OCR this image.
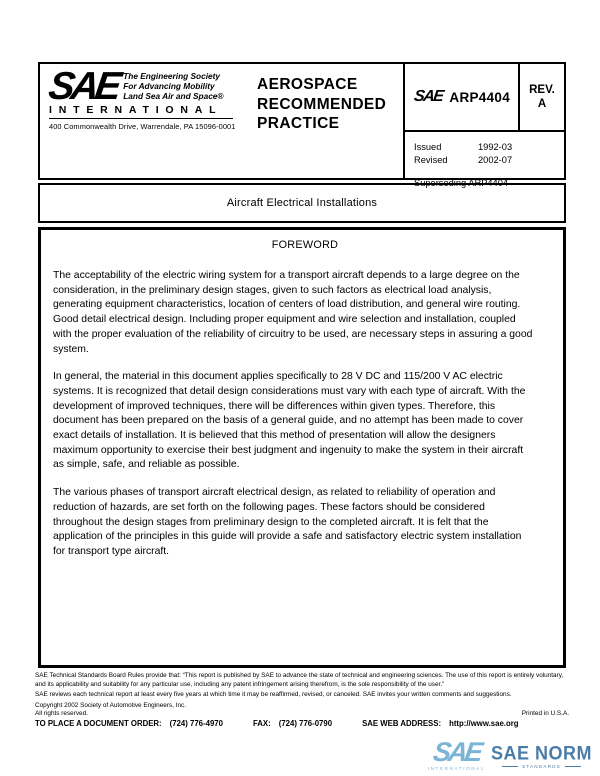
SAE The Engineering Society
For Advancing Mobility
Land Sea Air and Space®
INTERNATIONAL
400 Commonwealth Drive, Warrendale, PA 15096-0001
AEROSPACE
RECOMMENDED
PRACTICE
SAE ARP4404 REV.
A
Issued	1992-03
Revised	2002-07
Superseding ARP4404
Aircraft Electrical Installations
FOREWORD
The acceptability of the electric wiring system for a transport aircraft depends to a large degree on the
consideration, in the preliminary design stages, given to such factors as electrical load analysis,
generating equipment characteristics, location of centers of load distribution, and general wire routing.
Good detail electrical design. Including proper equipment and wire selection and installation, coupled
with the proper evaluation of the reliability of circuitry to be used, are necessary steps in assuring a good
system.
In general, the material in this document applies specifically to 28 V DC and 115/200 V AC electric
systems. It is recognized that detail design considerations must vary with each type of aircraft. With the
development of improved techniques, there will be differences within given types. Therefore, this
document has been prepared on the basis of a general guide, and no attempt has been made to cover
exact details of installation. It is believed that this method of presentation will allow the designers
maximum opportunity to exercise their best judgment and ingenuity to make the system in their aircraft
as simple, safe, and reliable as possible.
The various phases of transport aircraft electrical design, as related to reliability of operation and
reduction of hazards, are set forth on the following pages. These factors should be considered
throughout the design stages from preliminary design to the completed aircraft. It is felt that the
application of the principles in this guide will provide a safe and satisfactory electric system installation
for transport type aircraft.
SAE Technical Standards Board Rules provide that: “This report is published by SAE to advance the state of technical and engineering sciences. The use of this report is entirely voluntary, and its applicability and suitability for any particular use, including any patent infringement arising therefrom, is the sole responsibility of the user.”
SAE reviews each technical report at least every five years at which time it may be reaffirmed, revised, or canceled. SAE invites your written comments and suggestions.
Copyright 2002 Society of Automotive Engineers, Inc.
All rights reserved.	Printed in U.S.A.
TO PLACE A DOCUMENT ORDER: (724) 776-4970	FAX: (724) 776-0790	SAE WEB ADDRESS: http://www.sae.org
SAE
INTERNATIONAL
SAE NORM
STANDARDS
